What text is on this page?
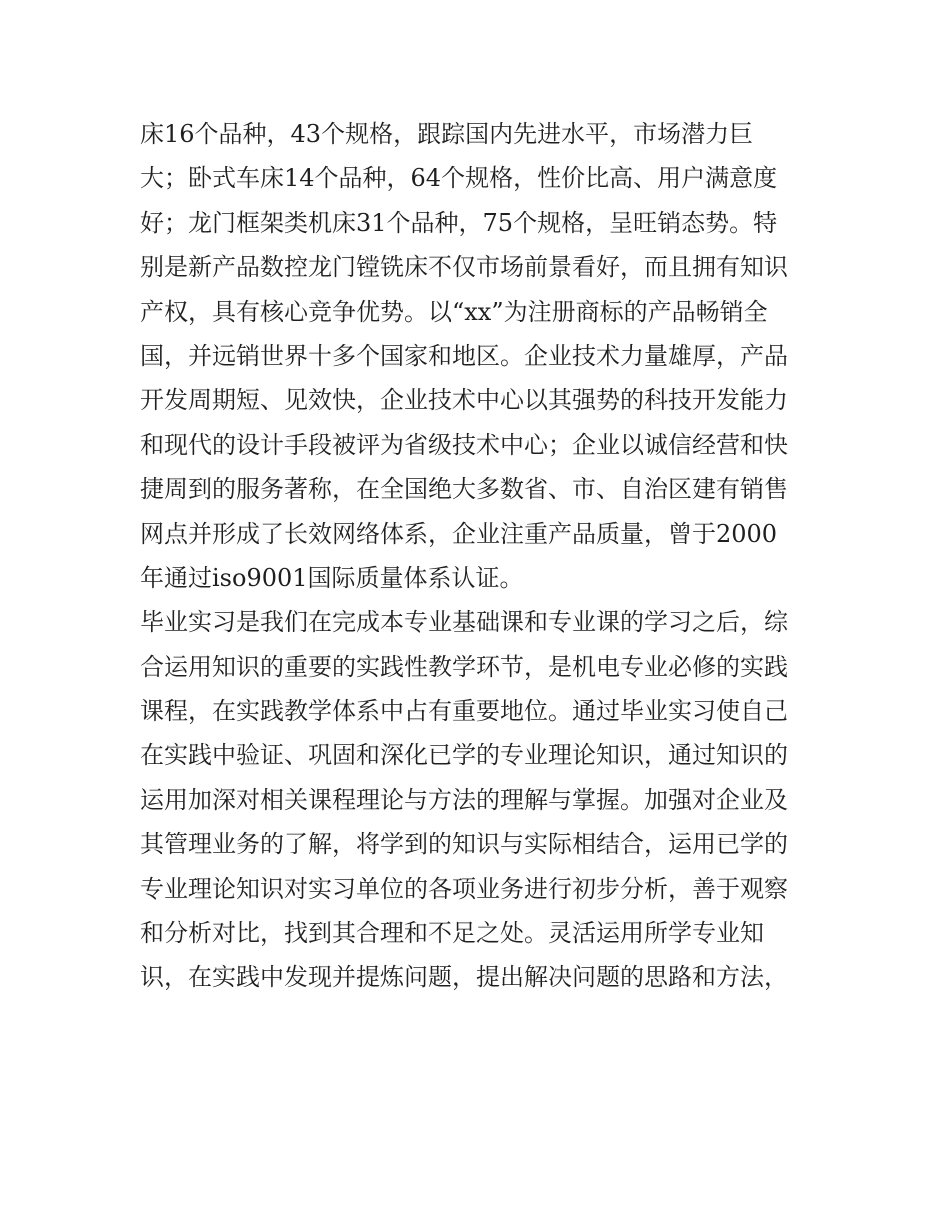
床16个品种，43个规格，跟踪国内先进水平，市场潜力巨
大；卧式车床14个品种，64个规格，性价比高、用户满意度
好；龙门框架类机床31个品种，75个规格，呈旺销态势。特
别是新产品数控龙门镗铣床不仅市场前景看好，而且拥有知识
产权，具有核心竞争优势。以“xx”为注册商标的产品畅销全
国，并远销世界十多个国家和地区。企业技术力量雄厚，产品
开发周期短、见效快，企业技术中心以其强势的科技开发能力
和现代的设计手段被评为省级技术中心；企业以诚信经营和快
捷周到的服务著称，在全国绝大多数省、市、自治区建有销售
网点并形成了长效网络体系，企业注重产品质量，曾于2000
年通过iso9001国际质量体系认证。
毕业实习是我们在完成本专业基础课和专业课的学习之后，综
合运用知识的重要的实践性教学环节，是机电专业必修的实践
课程，在实践教学体系中占有重要地位。通过毕业实习使自己
在实践中验证、巩固和深化已学的专业理论知识，通过知识的
运用加深对相关课程理论与方法的理解与掌握。加强对企业及
其管理业务的了解，将学到的知识与实际相结合，运用已学的
专业理论知识对实习单位的各项业务进行初步分析，善于观察
和分析对比，找到其合理和不足之处。灵活运用所学专业知
识，在实践中发现并提炼问题，提出解决问题的思路和方法，
